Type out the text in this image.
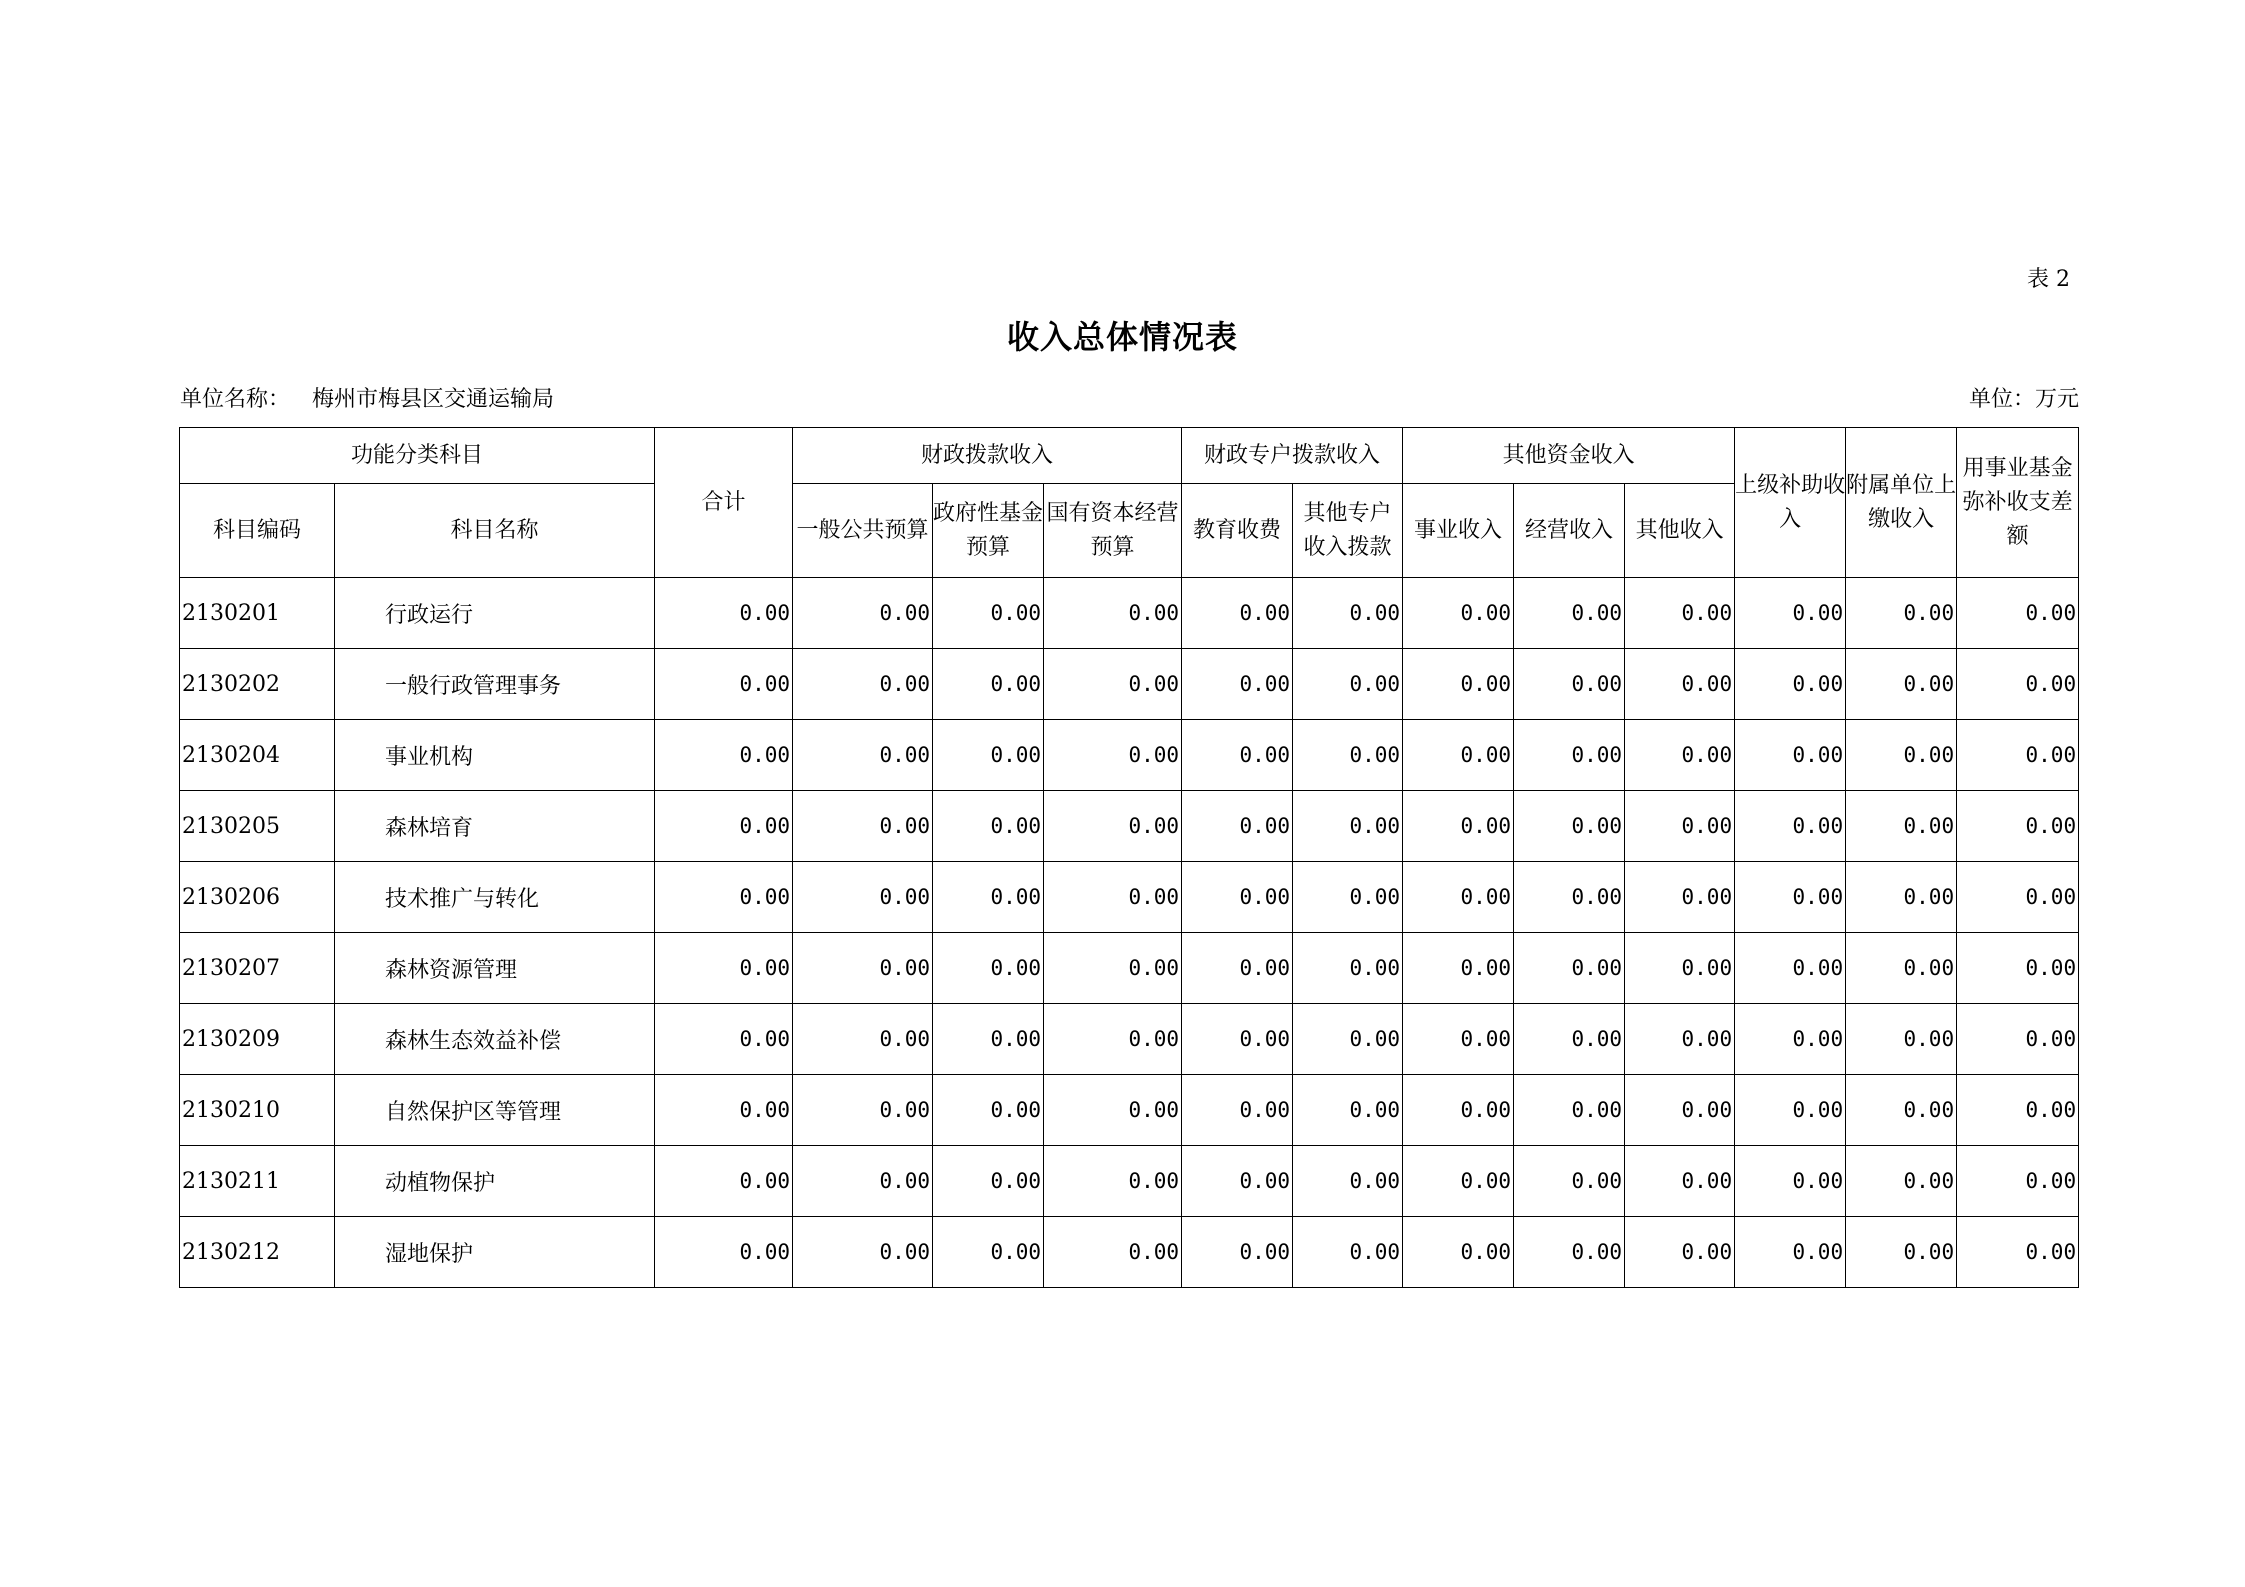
表 2
收入总体情况表
单位名称： 梅州市梅县区交通运输局	单位：万元
功能分类科目		合计	财政拨款收入			财政专户拨款收入		其他资金收入			上级补助收入	附属单位上缴收入	用事业基金弥补收支差额
科目编码	科目名称		一般公共预算	政府性基金预算	国有资本经营预算	教育收费	其他专户收入拨款	事业收入	经营收入	其他收入			
2130201	行政运行	0.00	0.00	0.00	0.00	0.00	0.00	0.00	0.00	0.00	0.00	0.00	0.00
2130202	一般行政管理事务	0.00	0.00	0.00	0.00	0.00	0.00	0.00	0.00	0.00	0.00	0.00	0.00
2130204	事业机构	0.00	0.00	0.00	0.00	0.00	0.00	0.00	0.00	0.00	0.00	0.00	0.00
2130205	森林培育	0.00	0.00	0.00	0.00	0.00	0.00	0.00	0.00	0.00	0.00	0.00	0.00
2130206	技术推广与转化	0.00	0.00	0.00	0.00	0.00	0.00	0.00	0.00	0.00	0.00	0.00	0.00
2130207	森林资源管理	0.00	0.00	0.00	0.00	0.00	0.00	0.00	0.00	0.00	0.00	0.00	0.00
2130209	森林生态效益补偿	0.00	0.00	0.00	0.00	0.00	0.00	0.00	0.00	0.00	0.00	0.00	0.00
2130210	自然保护区等管理	0.00	0.00	0.00	0.00	0.00	0.00	0.00	0.00	0.00	0.00	0.00	0.00
2130211	动植物保护	0.00	0.00	0.00	0.00	0.00	0.00	0.00	0.00	0.00	0.00	0.00	0.00
2130212	湿地保护	0.00	0.00	0.00	0.00	0.00	0.00	0.00	0.00	0.00	0.00	0.00	0.00
